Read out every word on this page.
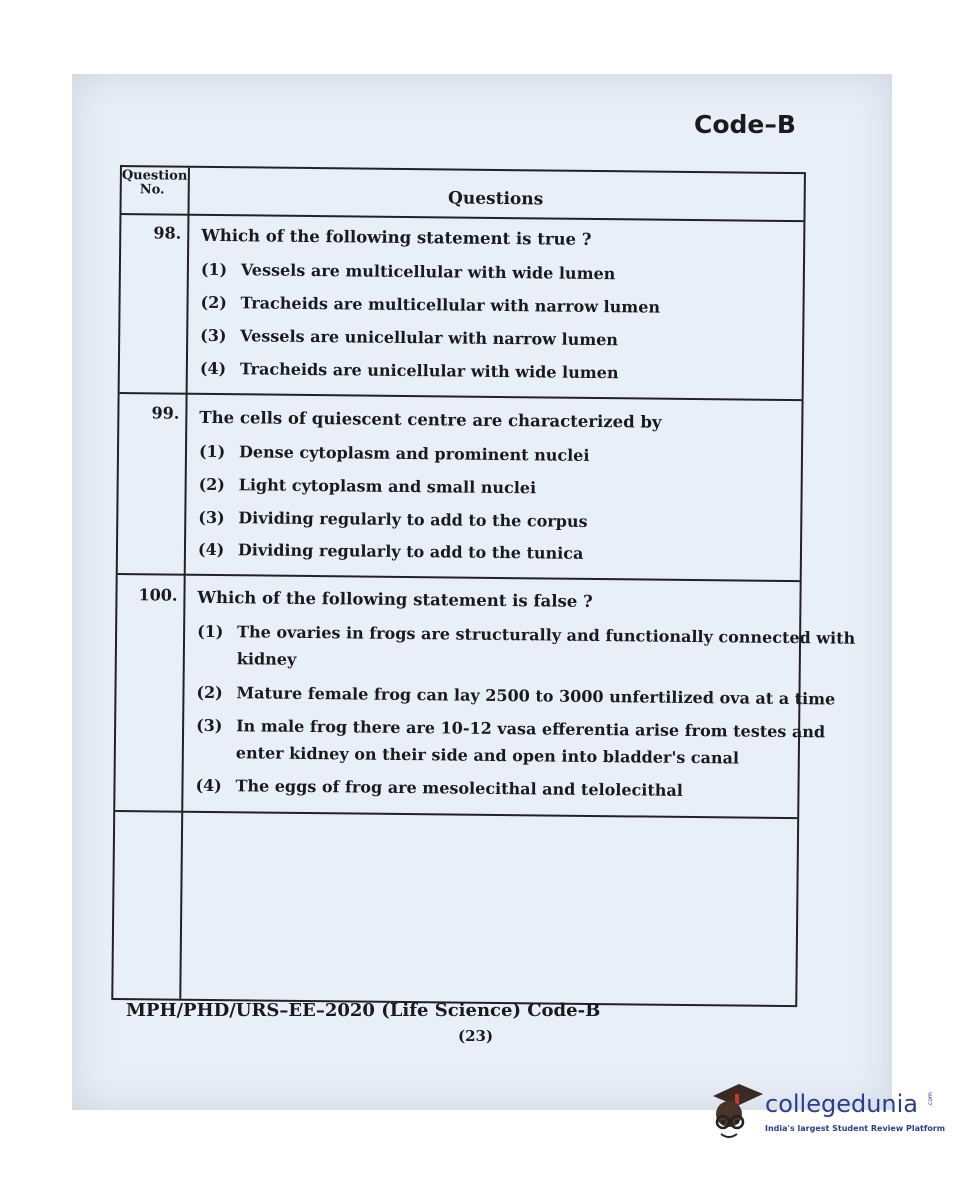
Code–B
Question
No.	Questions
98. Which of the following statement is true ?
(1) Vessels are multicellular with wide lumen
(2) Tracheids are multicellular with narrow lumen
(3) Vessels are unicellular with narrow lumen
(4) Tracheids are unicellular with wide lumen
99. The cells of quiescent centre are characterized by
(1) Dense cytoplasm and prominent nuclei
(2) Light cytoplasm and small nuclei
(3) Dividing regularly to add to the corpus
(4) Dividing regularly to add to the tunica
100. Which of the following statement is false ?
(1) The ovaries in frogs are structurally and functionally connected with
kidney
(2) Mature female frog can lay 2500 to 3000 unfertilized ova at a time
(3) In male frog there are 10-12 vasa efferentia arise from testes and
enter kidney on their side and open into bladder's canal
(4) The eggs of frog are mesolecithal and telolecithal
MPH/PHD/URS–EE–2020 (Life Science) Code-B
(23)
collegedunia .com
India's largest Student Review Platform
